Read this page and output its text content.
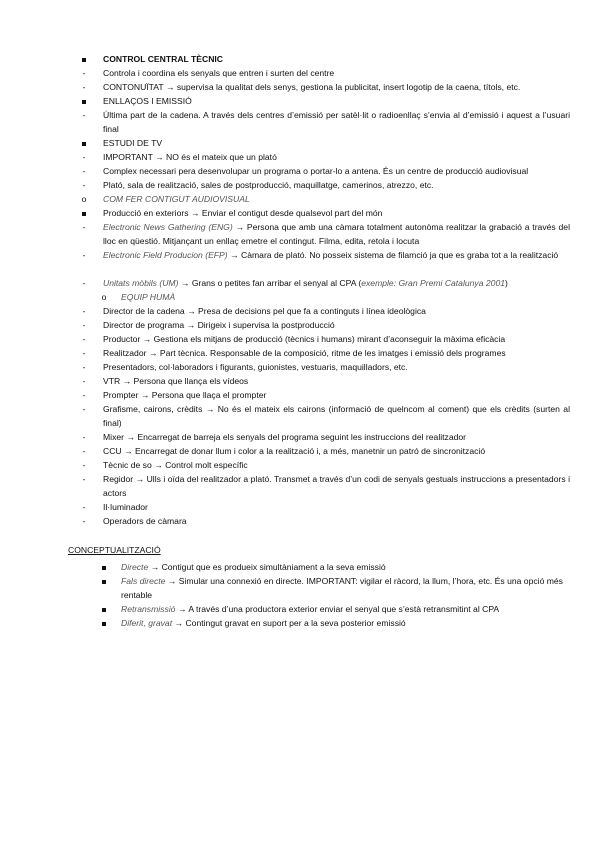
CONTROL CENTRAL TÈCNIC
-	Controla i coordina els senyals que entren i surten del centre
-	CONTONUÏTAT → supervisa la qualitat dels senys, gestiona la publicitat, insert logotip de la caena, títols, etc.
ENLLAÇOS I EMISSIÓ
-	Última part de la cadena. A través dels centres d’emissió per satèl·lit o radioenllaç s’envia al d’emissió i aquest a l’usuari final
ESTUDI DE TV
-	IMPORTANT → NO és el mateix que un plató
-	Complex necessari pera desenvolupar un programa o portar-lo a antena. És un centre de producció audiovisual
-	Plató, sala de realització, sales de postproducció, maquillatge, camerinos, atrezzo, etc.
o	COM FER CONTIGUT AUDIOVISUAL
Producció en exteriors → Enviar el contigut desde qualsevol part del món
-	Electronic News Gathering (ENG) → Persona que amb una càmara totalment autonòma realitzar la grabació a través del lloc en qüestió. Mitjançant un enllaç emetre el contingut. Filma, edita, retola i locuta
-	Electronic Field Producion (EFP) → Càmara de plató. No posseix sistema de filamció ja que es graba tot a la realització
-	Unitats mòbils (UM) → Grans o petites fan arribar el senyal al CPA (exemple: Gran Premi Catalunya 2001)
o	EQUIP HUMÀ
-	Director de la cadena → Presa de decisions pel que fa a continguts i línea ideològica
-	Director de programa → Dirigeix i supervisa la postproducció
-	Productor → Gestiona els mitjans de producció (tècnics i humans) mirant d’aconseguir la màxima eficàcia
-	Realitzador → Part tècnica. Responsable de la composició, ritme de les imatges i emissió dels programes
-	Presentadors, col·laboradors i figurants, guionistes, vestuaris, maquilladors, etc.
-	VTR → Persona que llança els vídeos
-	Prompter → Persona que llaça el prompter
-	Grafisme, cairons, crèdits → No és el mateix els cairons (informació de quelncom al coment) que els crèdits (surten al final)
-	Mixer → Encarregat de barreja els senyals del programa seguint les instruccions del realitzador
-	CCU → Encarregat de donar llum i color a la realització i, a més, manetnir un patró de sincronització
-	Tècnic de so → Control molt específic
-	Regidor → Ulls i oïda del realitzador a plató. Transmet a través d’un codi de senyals gestuals instruccions a presentadors i actors
-	Il·luminador
-	Operadors de càmara
CONCEPTUALITZACIÓ
Directe → Contigut que es produeix simultàniament a la seva emissió
Fals directe → Simular una connexió en directe. IMPORTANT: vigilar el ràcord, la llum, l’hora, etc. És una opció més rentable
Retransmissió → A través d’una productora exterior enviar el senyal que s’està retransmitint al CPA
Diferit, gravat → Contingut gravat en suport per a la seva posterior emissió
